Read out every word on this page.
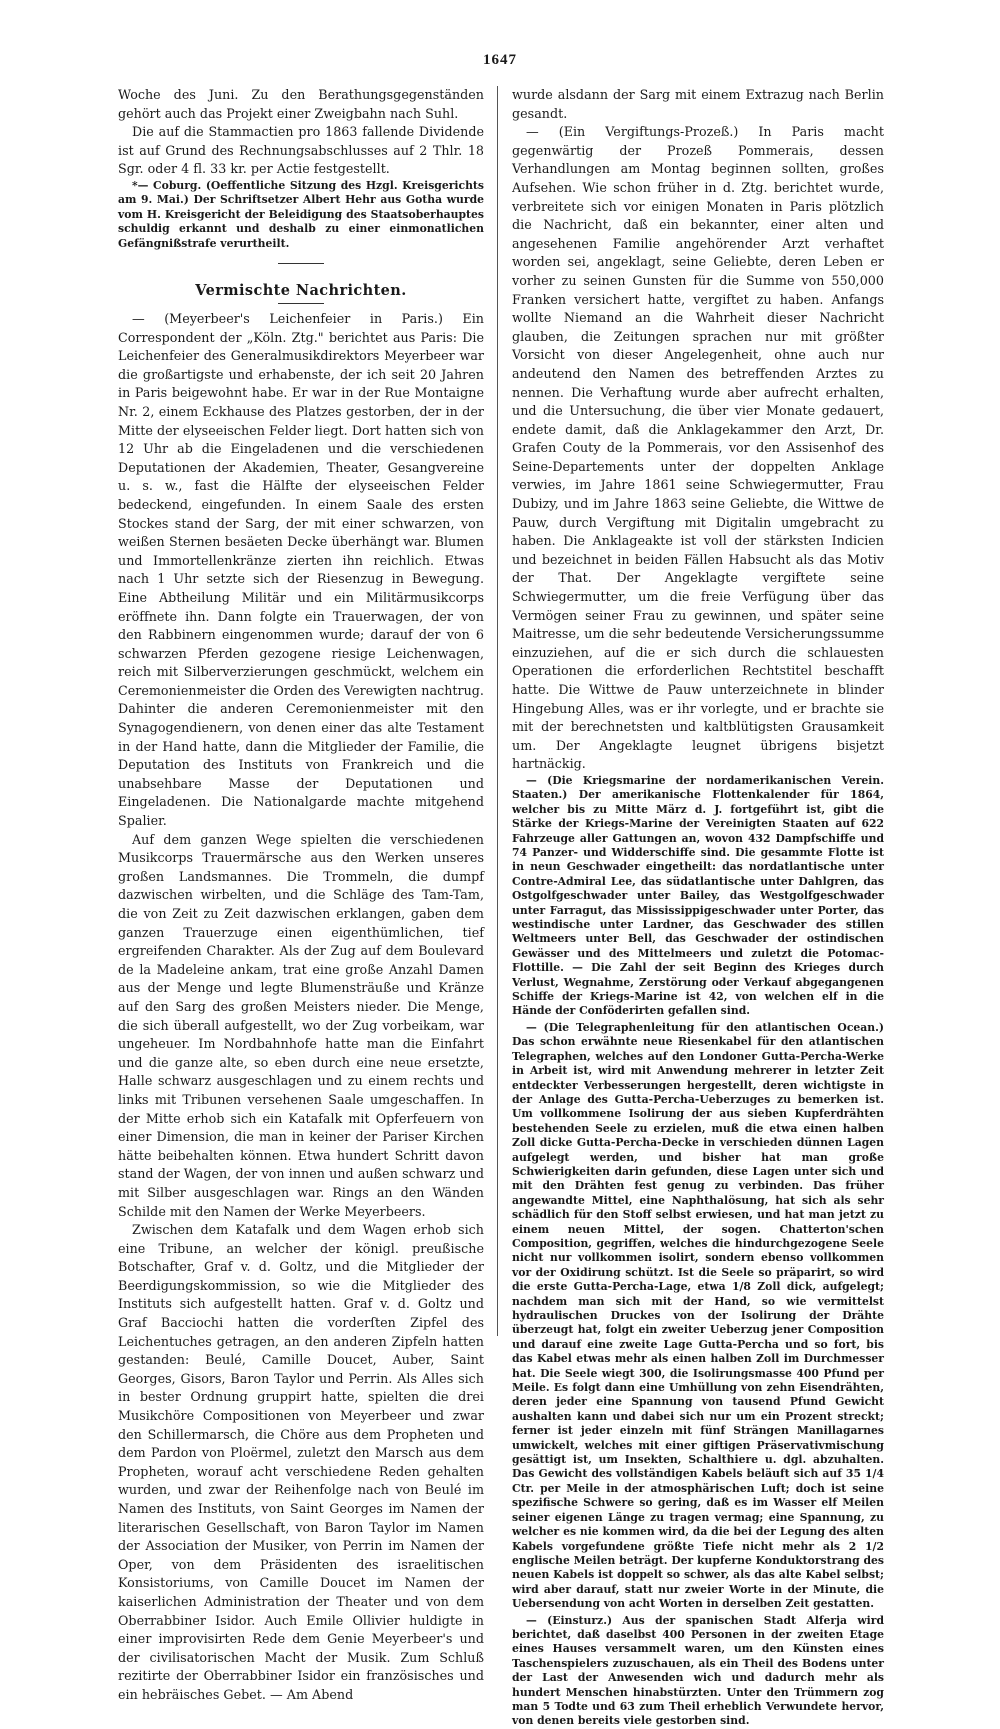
1647

Woche des Juni. Zu den Berathungsgegenständen gehört auch das Projekt einer Zweigbahn nach Suhl.

Die auf die Stammactien pro 1863 fallende Dividende ist auf Grund des Rechnungsabschlusses auf 2 Thlr. 18 Sgr. oder 4 fl. 33 kr. per Actie festgestellt.

*— Coburg. (Oeffentliche Sitzung des Hzgl. Kreisgerichts am 9. Mai.) Der Schriftsetzer Albert Hehr aus Gotha wurde vom H. Kreisgericht der Beleidigung des Staatsoberhauptes schuldig erkannt und deshalb zu einer einmonatlichen Gefängnißstrafe verurtheilt.

Vermischte Nachrichten.

— (Meyerbeer's Leichenfeier in Paris.) Ein Correspondent der „Köln. Ztg." berichtet aus Paris: Die Leichenfeier des Generalmusikdirektors Meyerbeer war die großartigste und erhabenste, der ich seit 20 Jahren in Paris beigewohnt habe. Er war in der Rue Montaigne Nr. 2, einem Eckhause des Platzes gestorben, der in der Mitte der elyseeischen Felder liegt. Dort hatten sich von 12 Uhr ab die Eingeladenen und die verschiedenen Deputationen der Akademien, Theater, Gesangvereine u. s. w., fast die Hälfte der elyseeischen Felder bedeckend, eingefunden. In einem Saale des ersten Stockes stand der Sarg, der mit einer schwarzen, von weißen Sternen besäeten Decke überhängt war. Blumen und Immortellenkränze zierten ihn reichlich. Etwas nach 1 Uhr setzte sich der Riesenzug in Bewegung. Eine Abtheilung Militär und ein Militärmusikcorps eröffnete ihn. Dann folgte ein Trauerwagen, der von den Rabbinern eingenommen wurde; darauf der von 6 schwarzen Pferden gezogene riesige Leichenwagen, reich mit Silberverzierungen geschmückt, welchem ein Ceremonienmeister die Orden des Verewigten nachtrug. Dahinter die anderen Ceremonienmeister mit den Synagogendienern, von denen einer das alte Testament in der Hand hatte, dann die Mitglieder der Familie, die Deputation des Instituts von Frankreich und die unabsehbare Masse der Deputationen und Eingeladenen. Die Nationalgarde machte mitgehend Spalier.

Auf dem ganzen Wege spielten die verschiedenen Musikcorps Trauermärsche aus den Werken unseres großen Landsmannes. Die Trommeln, die dumpf dazwischen wirbelten, und die Schläge des Tam-Tam, die von Zeit zu Zeit dazwischen erklangen, gaben dem ganzen Trauerzuge einen eigenthümlichen, tief ergreifenden Charakter. Als der Zug auf dem Boulevard de la Madeleine ankam, trat eine große Anzahl Damen aus der Menge und legte Blumensträuße und Kränze auf den Sarg des großen Meisters nieder. Die Menge, die sich überall aufgestellt, wo der Zug vorbeikam, war ungeheuer. Im Nordbahnhofe hatte man die Einfahrt und die ganze alte, so eben durch eine neue ersetzte, Halle schwarz ausgeschlagen und zu einem rechts und links mit Tribunen versehenen Saale umgeschaffen. In der Mitte erhob sich ein Katafalk mit Opferfeuern von einer Dimension, die man in keiner der Pariser Kirchen hätte beibehalten können. Etwa hundert Schritt davon stand der Wagen, der von innen und außen schwarz und mit Silber ausgeschlagen war. Rings an den Wänden Schilde mit den Namen der Werke Meyerbeers.

Zwischen dem Katafalk und dem Wagen erhob sich eine Tribune, an welcher der königl. preußische Botschafter, Graf v. d. Goltz, und die Mitglieder der Beerdigungskommission, so wie die Mitglieder des Instituts sich aufgestellt hatten. Graf v. d. Goltz und Graf Bacciochi hatten die vorderſten Zipfel des Leichentuches getragen, an den anderen Zipfeln hatten gestanden: Beulé, Camille Doucet, Auber, Saint Georges, Gisors, Baron Taylor und Perrin. Als Alles sich in bester Ordnung gruppirt hatte, spielten die drei Musikchöre Compositionen von Meyerbeer und zwar den Schillermarsch, die Chöre aus dem Propheten und dem Pardon von Ploërmel, zuletzt den Marsch aus dem Propheten, worauf acht verschiedene Reden gehalten wurden, und zwar der Reihenfolge nach von Beulé im Namen des Instituts, von Saint Georges im Namen der literarischen Gesellschaft, von Baron Taylor im Namen der Association der Musiker, von Perrin im Namen der Oper, von dem Präsidenten des israelitischen Konsistoriums, von Camille Doucet im Namen der kaiserlichen Administration der Theater und von dem Oberrabbiner Isidor. Auch Emile Ollivier huldigte in einer improvisirten Rede dem Genie Meyerbeer's und der civilisatorischen Macht der Musik. Zum Schluß rezitirte der Oberrabbiner Isidor ein französisches und ein hebräisches Gebet. — Am Abend

wurde alsdann der Sarg mit einem Extrazug nach Berlin gesandt.

— (Ein Vergiftungs-Prozeß.) In Paris macht gegenwärtig der Prozeß Pommerais, dessen Verhandlungen am Montag beginnen sollten, großes Aufsehen. Wie schon früher in d. Ztg. berichtet wurde, verbreitete sich vor einigen Monaten in Paris plötzlich die Nachricht, daß ein bekannter, einer alten und angesehenen Familie angehörender Arzt verhaftet worden sei, angeklagt, seine Geliebte, deren Leben er vorher zu seinen Gunsten für die Summe von 550,000 Franken versichert hatte, vergiftet zu haben. Anfangs wollte Niemand an die Wahrheit dieser Nachricht glauben, die Zeitungen sprachen nur mit größter Vorsicht von dieser Angelegenheit, ohne auch nur andeutend den Namen des betreffenden Arztes zu nennen. Die Verhaftung wurde aber aufrecht erhalten, und die Untersuchung, die über vier Monate gedauert, endete damit, daß die Anklagekammer den Arzt, Dr. Grafen Couty de la Pommerais, vor den Assisenhof des Seine-Departements unter der doppelten Anklage verwies, im Jahre 1861 seine Schwiegermutter, Frau Dubizy, und im Jahre 1863 seine Geliebte, die Wittwe de Pauw, durch Vergiftung mit Digitalin umgebracht zu haben. Die Anklageakte ist voll der stärksten Indicien und bezeichnet in beiden Fällen Habsucht als das Motiv der That. Der Angeklagte vergiftete seine Schwiegermutter, um die freie Verfügung über das Vermögen seiner Frau zu gewinnen, und später seine Maitresse, um die sehr bedeutende Versicherungssumme einzuziehen, auf die er sich durch die schlauesten Operationen die erforderlichen Rechtstitel beschafft hatte. Die Wittwe de Pauw unterzeichnete in blinder Hingebung Alles, was er ihr vorlegte, und er brachte sie mit der berechnetsten und kaltblütigsten Grausamkeit um. Der Angeklagte leugnet übrigens bisjetzt hartnäckig.

— (Die Kriegsmarine der nordamerikanischen Verein. Staaten.) Der amerikanische Flottenkalender für 1864, welcher bis zu Mitte März d. J. fortgeführt ist, gibt die Stärke der Kriegs-Marine der Vereinigten Staaten auf 622 Fahrzeuge aller Gattungen an, wovon 432 Dampfschiffe und 74 Panzer- und Widderschiffe sind. Die gesammte Flotte ist in neun Geschwader eingetheilt: das nordatlantische unter Contre-Admiral Lee, das südatlantische unter Dahlgren, das Ostgolfgeschwader unter Bailey, das Westgolfgeschwader unter Farragut, das Mississippigeschwader unter Porter, das westindische unter Lardner, das Geschwader des stillen Weltmeers unter Bell, das Geschwader der ostindischen Gewässer und des Mittelmeers und zuletzt die Potomac-Flottille. — Die Zahl der seit Beginn des Krieges durch Verlust, Wegnahme, Zerstörung oder Verkauf abgegangenen Schiffe der Kriegs-Marine ist 42, von welchen elf in die Hände der Conföderirten gefallen sind.

— (Die Telegraphenleitung für den atlantischen Ocean.) Das schon erwähnte neue Riesenkabel für den atlantischen Telegraphen, welches auf den Londoner Gutta-Percha-Werke in Arbeit ist, wird mit Anwendung mehrerer in letzter Zeit entdeckter Verbesserungen hergestellt, deren wichtigste in der Anlage des Gutta-Percha-Ueberzuges zu bemerken ist. Um vollkommene Isolirung der aus sieben Kupferdrähten bestehenden Seele zu erzielen, muß die etwa einen halben Zoll dicke Gutta-Percha-Decke in verschieden dünnen Lagen aufgelegt werden, und bisher hat man große Schwierigkeiten darin gefunden, diese Lagen unter sich und mit den Drähten fest genug zu verbinden. Das früher angewandte Mittel, eine Naphthalösung, hat sich als sehr schädlich für den Stoff selbst erwiesen, und hat man jetzt zu einem neuen Mittel, der sogen. Chatterton'schen Composition, gegriffen, welches die hindurchgezogene Seele nicht nur vollkommen isolirt, sondern ebenso vollkommen vor der Oxidirung schützt. Ist die Seele so präparirt, so wird die erste Gutta-Percha-Lage, etwa 1/8 Zoll dick, aufgelegt; nachdem man sich mit der Hand, so wie vermittelst hydraulischen Druckes von der Isolirung der Drähte überzeugt hat, folgt ein zweiter Ueberzug jener Composition und darauf eine zweite Lage Gutta-Percha und so fort, bis das Kabel etwas mehr als einen halben Zoll im Durchmesser hat. Die Seele wiegt 300, die Isolirungsmasse 400 Pfund per Meile. Es folgt dann eine Umhüllung von zehn Eisendrähten, deren jeder eine Spannung von tausend Pfund Gewicht aushalten kann und dabei sich nur um ein Prozent streckt; ferner ist jeder einzeln mit fünf Strängen Manillagarnes umwickelt, welches mit einer giftigen Präservativmischung gesättigt ist, um Insekten, Schalthiere u. dgl. abzuhalten. Das Gewicht des vollständigen Kabels beläuft sich auf 35 1/4 Ctr. per Meile in der atmosphärischen Luft; doch ist seine spezifische Schwere so gering, daß es im Wasser elf Meilen seiner eigenen Länge zu tragen vermag; eine Spannung, zu welcher es nie kommen wird, da die bei der Legung des alten Kabels vorgefundene größte Tiefe nicht mehr als 2 1/2 englische Meilen beträgt. Der kupferne Konduktorstrang des neuen Kabels ist doppelt so schwer, als das alte Kabel selbst; wird aber darauf, statt nur zweier Worte in der Minute, die Uebersendung von acht Worten in derselben Zeit gestatten.

— (Einsturz.) Aus der spanischen Stadt Alferja wird berichtet, daß daselbst 400 Personen in der zweiten Etage eines Hauses versammelt waren, um den Künsten eines Taschenspielers zuzuschauen, als ein Theil des Bodens unter der Last der Anwesenden wich und dadurch mehr als hundert Menschen hinabstürzten. Unter den Trümmern zog man 5 Todte und 63 zum Theil erheblich Verwundete hervor, von denen bereits viele gestorben sind.
